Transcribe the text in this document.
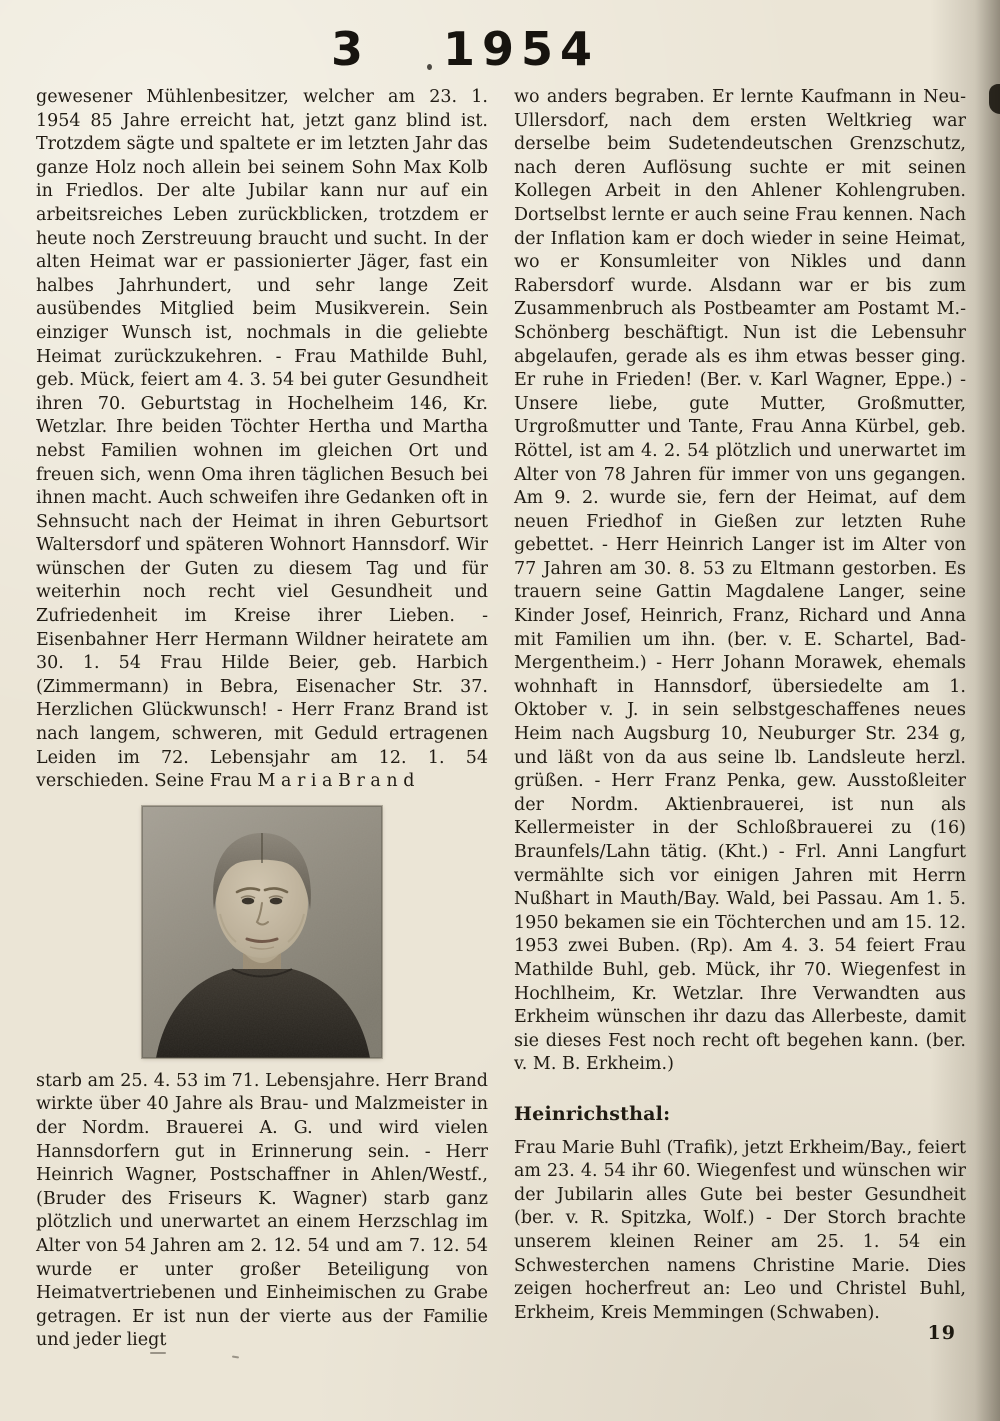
3 1954

gewesener Mühlenbesitzer, welcher am 23. 1. 1954 85 Jahre erreicht hat, jetzt ganz blind ist. Trotzdem sägte und spaltete er im letzten Jahr das ganze Holz noch allein bei seinem Sohn Max Kolb in Friedlos. Der alte Jubilar kann nur auf ein arbeitsreiches Leben zurückblicken, trotzdem er heute noch Zerstreuung braucht und sucht. In der alten Heimat war er passionierter Jäger, fast ein halbes Jahrhundert, und sehr lange Zeit ausübendes Mitglied beim Musikverein. Sein einziger Wunsch ist, nochmals in die geliebte Heimat zurückzukehren. - Frau Mathilde Buhl, geb. Mück, feiert am 4. 3. 54 bei guter Gesundheit ihren 70. Geburtstag in Hochelheim 146, Kr. Wetzlar. Ihre beiden Töchter Hertha und Martha nebst Familien wohnen im gleichen Ort und freuen sich, wenn Oma ihren täglichen Besuch bei ihnen macht. Auch schweifen ihre Gedanken oft in Sehnsucht nach der Heimat in ihren Geburtsort Waltersdorf und späteren Wohnort Hannsdorf. Wir wünschen der Guten zu diesem Tag und für weiterhin noch recht viel Gesundheit und Zufriedenheit im Kreise ihrer Lieben. - Eisenbahner Herr Hermann Wildner heiratete am 30. 1. 54 Frau Hilde Beier, geb. Harbich (Zimmermann) in Bebra, Eisenacher Str. 37. Herzlichen Glückwunsch! - Herr Franz Brand ist nach langem, schweren, mit Geduld ertragenen Leiden im 72. Lebensjahr am 12. 1. 54 verschieden. Seine Frau M a r i a B r a n d

starb am 25. 4. 53 im 71. Lebensjahre. Herr Brand wirkte über 40 Jahre als Brau- und Malzmeister in der Nordm. Brauerei A. G. und wird vielen Hannsdorfern gut in Erinnerung sein. - Herr Heinrich Wagner, Postschaffner in Ahlen/Westf., (Bruder des Friseurs K. Wagner) starb ganz plötzlich und unerwartet an einem Herzschlag im Alter von 54 Jahren am 2. 12. 54 und am 7. 12. 54 wurde er unter großer Beteiligung von Heimatvertriebenen und Einheimischen zu Grabe getragen. Er ist nun der vierte aus der Familie und jeder liegt

wo anders begraben. Er lernte Kaufmann in Neu-Ullersdorf, nach dem ersten Weltkrieg war derselbe beim Sudetendeutschen Grenzschutz, nach deren Auflösung suchte er mit seinen Kollegen Arbeit in den Ahlener Kohlengruben. Dortselbst lernte er auch seine Frau kennen. Nach der Inflation kam er doch wieder in seine Heimat, wo er Konsumleiter von Nikles und dann Rabersdorf wurde. Alsdann war er bis zum Zusammenbruch als Postbeamter am Postamt M.-Schönberg beschäftigt. Nun ist die Lebensuhr abgelaufen, gerade als es ihm etwas besser ging. Er ruhe in Frieden! (Ber. v. Karl Wagner, Eppe.) - Unsere liebe, gute Mutter, Großmutter, Urgroßmutter und Tante, Frau Anna Kürbel, geb. Röttel, ist am 4. 2. 54 plötzlich und unerwartet im Alter von 78 Jahren für immer von uns gegangen. Am 9. 2. wurde sie, fern der Heimat, auf dem neuen Friedhof in Gießen zur letzten Ruhe gebettet. - Herr Heinrich Langer ist im Alter von 77 Jahren am 30. 8. 53 zu Eltmann gestorben. Es trauern seine Gattin Magdalene Langer, seine Kinder Josef, Heinrich, Franz, Richard und Anna mit Familien um ihn. (ber. v. E. Schartel, Bad-Mergentheim.) - Herr Johann Morawek, ehemals wohnhaft in Hannsdorf, übersiedelte am 1. Oktober v. J. in sein selbstgeschaffenes neues Heim nach Augsburg 10, Neuburger Str. 234 g, und läßt von da aus seine lb. Landsleute herzl. grüßen. - Herr Franz Penka, gew. Ausstoßleiter der Nordm. Aktienbrauerei, ist nun als Kellermeister in der Schloßbrauerei zu (16) Braunfels/Lahn tätig. (Kht.) - Frl. Anni Langfurt vermählte sich vor einigen Jahren mit Herrn Nußhart in Mauth/Bay. Wald, bei Passau. Am 1. 5. 1950 bekamen sie ein Töchterchen und am 15. 12. 1953 zwei Buben. (Rp). Am 4. 3. 54 feiert Frau Mathilde Buhl, geb. Mück, ihr 70. Wiegenfest in Hochlheim, Kr. Wetzlar. Ihre Verwandten aus Erkheim wünschen ihr dazu das Allerbeste, damit sie dieses Fest noch recht oft begehen kann. (ber. v. M. B. Erkheim.)

Heinrichsthal:

Frau Marie Buhl (Trafik), jetzt Erkheim/Bay., feiert am 23. 4. 54 ihr 60. Wiegenfest und wünschen wir der Jubilarin alles Gute bei bester Gesundheit (ber. v. R. Spitzka, Wolf.) - Der Storch brachte unserem kleinen Reiner am 25. 1. 54 ein Schwesterchen namens Christine Marie. Dies zeigen hocherfreut an: Leo und Christel Buhl, Erkheim, Kreis Memmingen (Schwaben).

19
